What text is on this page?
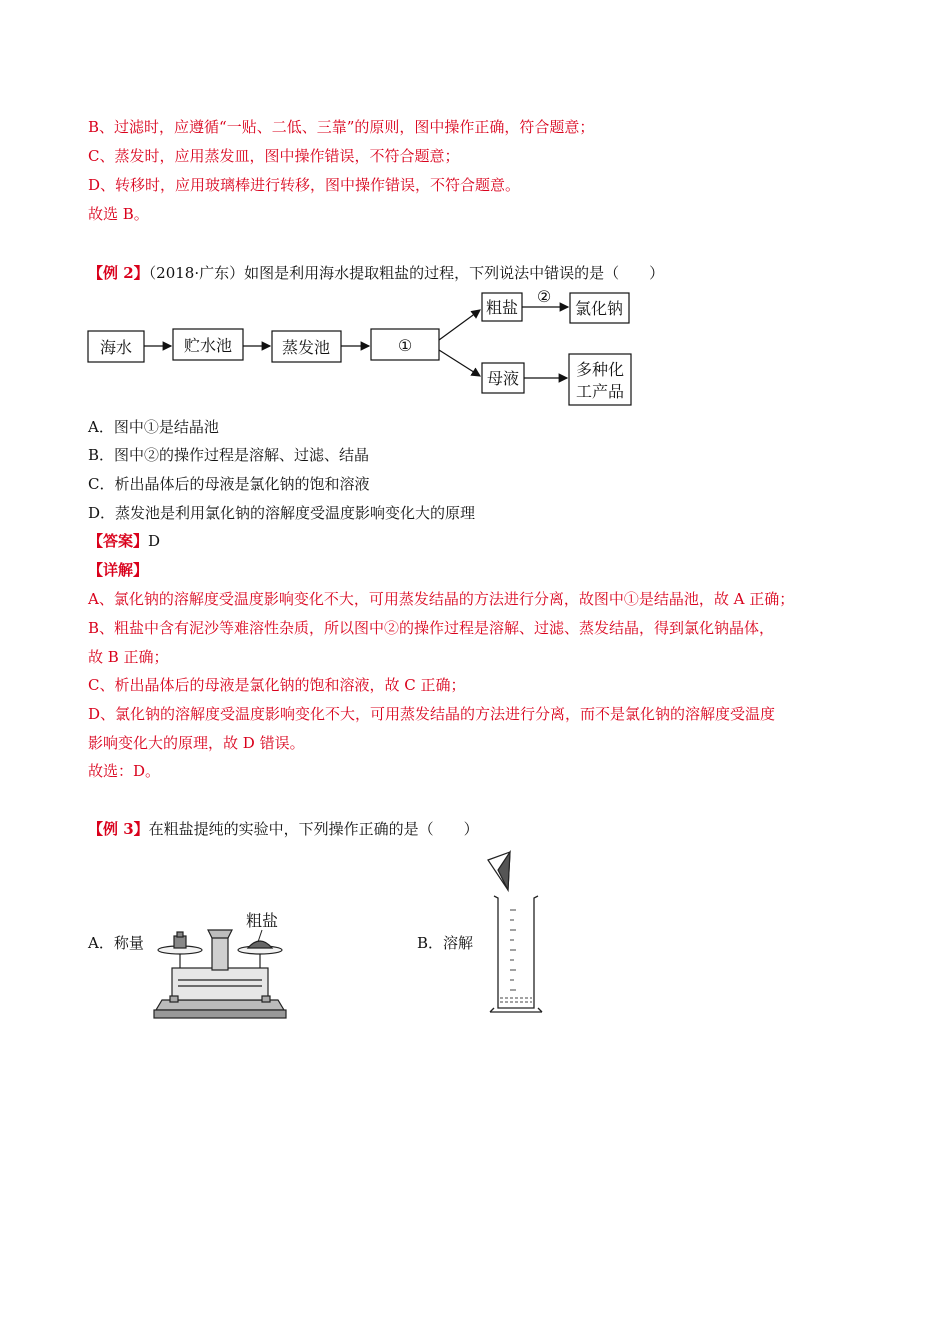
B、过滤时，应遵循“一贴、二低、三靠”的原则，图中操作正确，符合题意；
C、蒸发时，应用蒸发皿，图中操作错误，不符合题意；
D、转移时，应用玻璃棒进行转移，图中操作错误，不符合题意。
故选 B。
【例 2】（2018·广东）如图是利用海水提取粗盐的过程，下列说法中错误的是（　　）
海水	贮水池	蒸发池	①
粗盐
②
氯化钠
母液	多种化
工产品
A．图中①是结晶池
B．图中②的操作过程是溶解、过滤、结晶
C．析出晶体后的母液是氯化钠的饱和溶液
D．蒸发池是利用氯化钠的溶解度受温度影响变化大的原理
【答案】D
【详解】
A、氯化钠的溶解度受温度影响变化不大，可用蒸发结晶的方法进行分离，故图中①是结晶池，故 A 正确；
B、粗盐中含有泥沙等难溶性杂质，所以图中②的操作过程是溶解、过滤、蒸发结晶，得到氯化钠晶体，
故 B 正确；
C、析出晶体后的母液是氯化钠的饱和溶液，故 C 正确；
D、氯化钠的溶解度受温度影响变化不大，可用蒸发结晶的方法进行分离，而不是氯化钠的溶解度受温度
影响变化大的原理，故 D 错误。
故选：D。
【例 3】在粗盐提纯的实验中，下列操作正确的是（　　）
A．称量
粗盐
B．溶解
